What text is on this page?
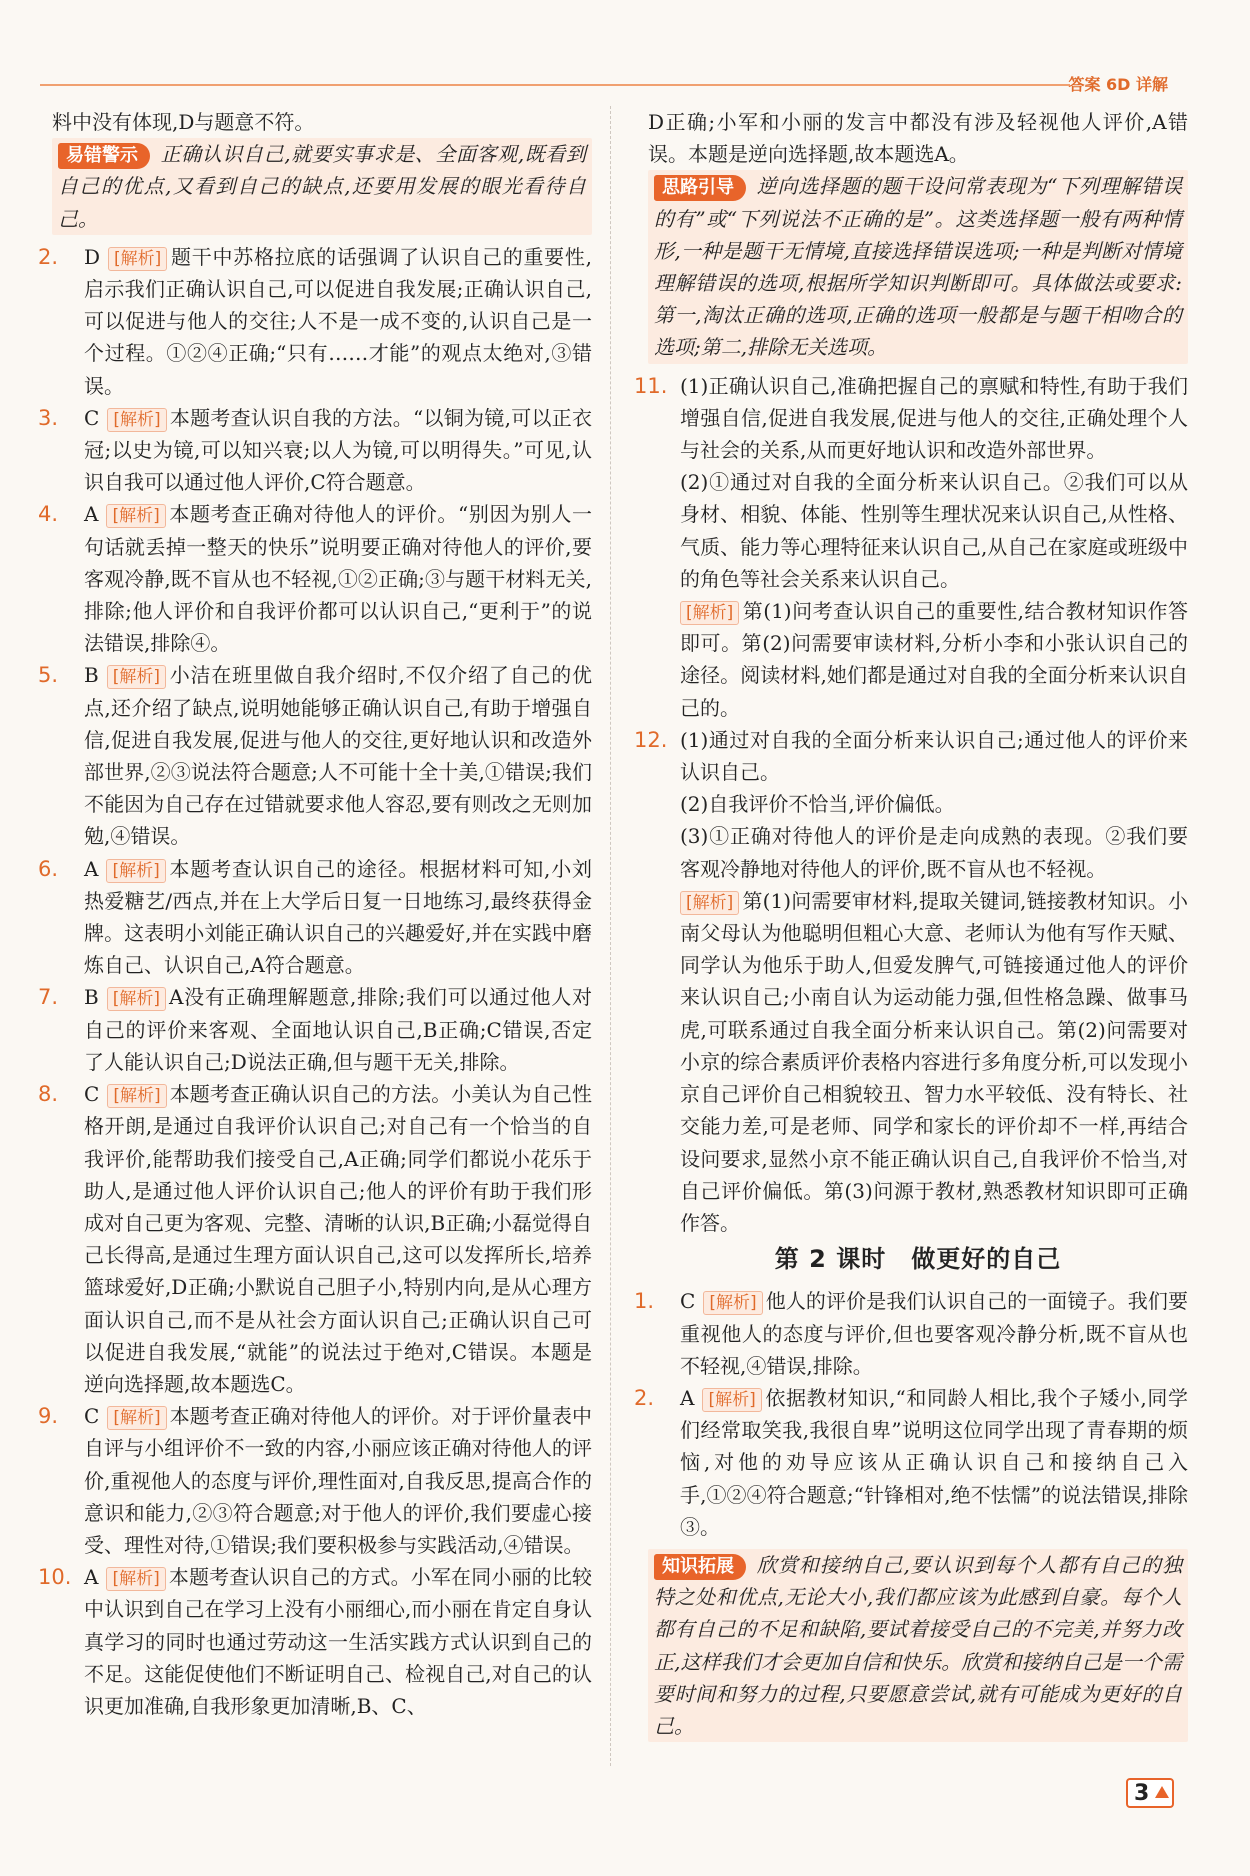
答案 6D 详解

料中没有体现,D与题意不符。

易错警示 正确认识自己,就要实事求是、全面客观,既看到自己的优点,又看到自己的缺点,还要用发展的眼光看待自己。
2. D [解析] 题干中苏格拉底的话强调了认识自己的重要性,启示我们正确认识自己,可以促进自我发展;正确认识自己,可以促进与他人的交往;人不是一成不变的,认识自己是一个过程。①②④正确;“只有……才能”的观点太绝对,③错误。
3. C [解析] 本题考查认识自我的方法。“以铜为镜,可以正衣冠;以史为镜,可以知兴衰;以人为镜,可以明得失。”可见,认识自我可以通过他人评价,C符合题意。
4. A [解析] 本题考查正确对待他人的评价。“别因为别人一句话就丢掉一整天的快乐”说明要正确对待他人的评价,要客观冷静,既不盲从也不轻视,①②正确;③与题干材料无关,排除;他人评价和自我评价都可以认识自己,“更利于”的说法错误,排除④。
5. B [解析] 小洁在班里做自我介绍时,不仅介绍了自己的优点,还介绍了缺点,说明她能够正确认识自己,有助于增强自信,促进自我发展,促进与他人的交往,更好地认识和改造外部世界,②③说法符合题意;人不可能十全十美,①错误;我们不能因为自己存在过错就要求他人容忍,要有则改之无则加勉,④错误。
6. A [解析] 本题考查认识自己的途径。根据材料可知,小刘热爱糖艺/西点,并在上大学后日复一日地练习,最终获得金牌。这表明小刘能正确认识自己的兴趣爱好,并在实践中磨炼自己、认识自己,A符合题意。
7. B [解析] A没有正确理解题意,排除;我们可以通过他人对自己的评价来客观、全面地认识自己,B正确;C错误,否定了人能认识自己;D说法正确,但与题干无关,排除。
8. C [解析] 本题考查正确认识自己的方法。小美认为自己性格开朗,是通过自我评价认识自己;对自己有一个恰当的自我评价,能帮助我们接受自己,A正确;同学们都说小花乐于助人,是通过他人评价认识自己;他人的评价有助于我们形成对自己更为客观、完整、清晰的认识,B正确;小磊觉得自己长得高,是通过生理方面认识自己,这可以发挥所长,培养篮球爱好,D正确;小默说自己胆子小,特别内向,是从心理方面认识自己,而不是从社会方面认识自己;正确认识自己可以促进自我发展,“就能”的说法过于绝对,C错误。本题是逆向选择题,故本题选C。
9. C [解析] 本题考查正确对待他人的评价。对于评价量表中自评与小组评价不一致的内容,小丽应该正确对待他人的评价,重视他人的态度与评价,理性面对,自我反思,提高合作的意识和能力,②③符合题意;对于他人的评价,我们要虚心接受、理性对待,①错误;我们要积极参与实践活动,④错误。
10. A [解析] 本题考查认识自己的方式。小军在同小丽的比较中认识到自己在学习上没有小丽细心,而小丽在肯定自身认真学习的同时也通过劳动这一生活实践方式认识到自己的不足。这能促使他们不断证明自己、检视自己,对自己的认识更加准确,自我形象更加清晰,B、C、

D正确;小军和小丽的发言中都没有涉及轻视他人评价,A错误。本题是逆向选择题,故本题选A。

思路引导 逆向选择题的题干设问常表现为“下列理解错误的有”或“下列说法不正确的是”。这类选择题一般有两种情形,一种是题干无情境,直接选择错误选项;一种是判断对情境理解错误的选项,根据所学知识判断即可。具体做法或要求:第一,淘汰正确的选项,正确的选项一般都是与题干相吻合的选项;第二,排除无关选项。
11. (1)正确认识自己,准确把握自己的禀赋和特性,有助于我们增强自信,促进自我发展,促进与他人的交往,正确处理个人与社会的关系,从而更好地认识和改造外部世界。

(2)①通过对自我的全面分析来认识自己。②我们可以从身材、相貌、体能、性别等生理状况来认识自己,从性格、气质、能力等心理特征来认识自己,从自己在家庭或班级中的角色等社会关系来认识自己。

[解析] 第(1)问考查认识自己的重要性,结合教材知识作答即可。第(2)问需要审读材料,分析小李和小张认识自己的途径。阅读材料,她们都是通过对自我的全面分析来认识自己的。

12. (1)通过对自我的全面分析来认识自己;通过他人的评价来认识自己。

(2)自我评价不恰当,评价偏低。

(3)①正确对待他人的评价是走向成熟的表现。②我们要客观冷静地对待他人的评价,既不盲从也不轻视。

[解析] 第(1)问需要审材料,提取关键词,链接教材知识。小南父母认为他聪明但粗心大意、老师认为他有写作天赋、同学认为他乐于助人,但爱发脾气,可链接通过他人的评价来认识自己;小南自认为运动能力强,但性格急躁、做事马虎,可联系通过自我全面分析来认识自己。第(2)问需要对小京的综合素质评价表格内容进行多角度分析,可以发现小京自己评价自己相貌较丑、智力水平较低、没有特长、社交能力差,可是老师、同学和家长的评价却不一样,再结合设问要求,显然小京不能正确认识自己,自我评价不恰当,对自己评价偏低。第(3)问源于教材,熟悉教材知识即可正确作答。

第 2 课时　做更好的自己
1. C [解析] 他人的评价是我们认识自己的一面镜子。我们要重视他人的态度与评价,但也要客观冷静分析,既不盲从也不轻视,④错误,排除。
2. A [解析] 依据教材知识,“和同龄人相比,我个子矮小,同学们经常取笑我,我很自卑”说明这位同学出现了青春期的烦恼,对他的劝导应该从正确认识自己和接纳自己入手,①②④符合题意;“针锋相对,绝不怯懦”的说法错误,排除③。
知识拓展 欣赏和接纳自己,要认识到每个人都有自己的独特之处和优点,无论大小,我们都应该为此感到自豪。每个人都有自己的不足和缺陷,要试着接受自己的不完美,并努力改正,这样我们才会更加自信和快乐。欣赏和接纳自己是一个需要时间和努力的过程,只要愿意尝试,就有可能成为更好的自己。
3
